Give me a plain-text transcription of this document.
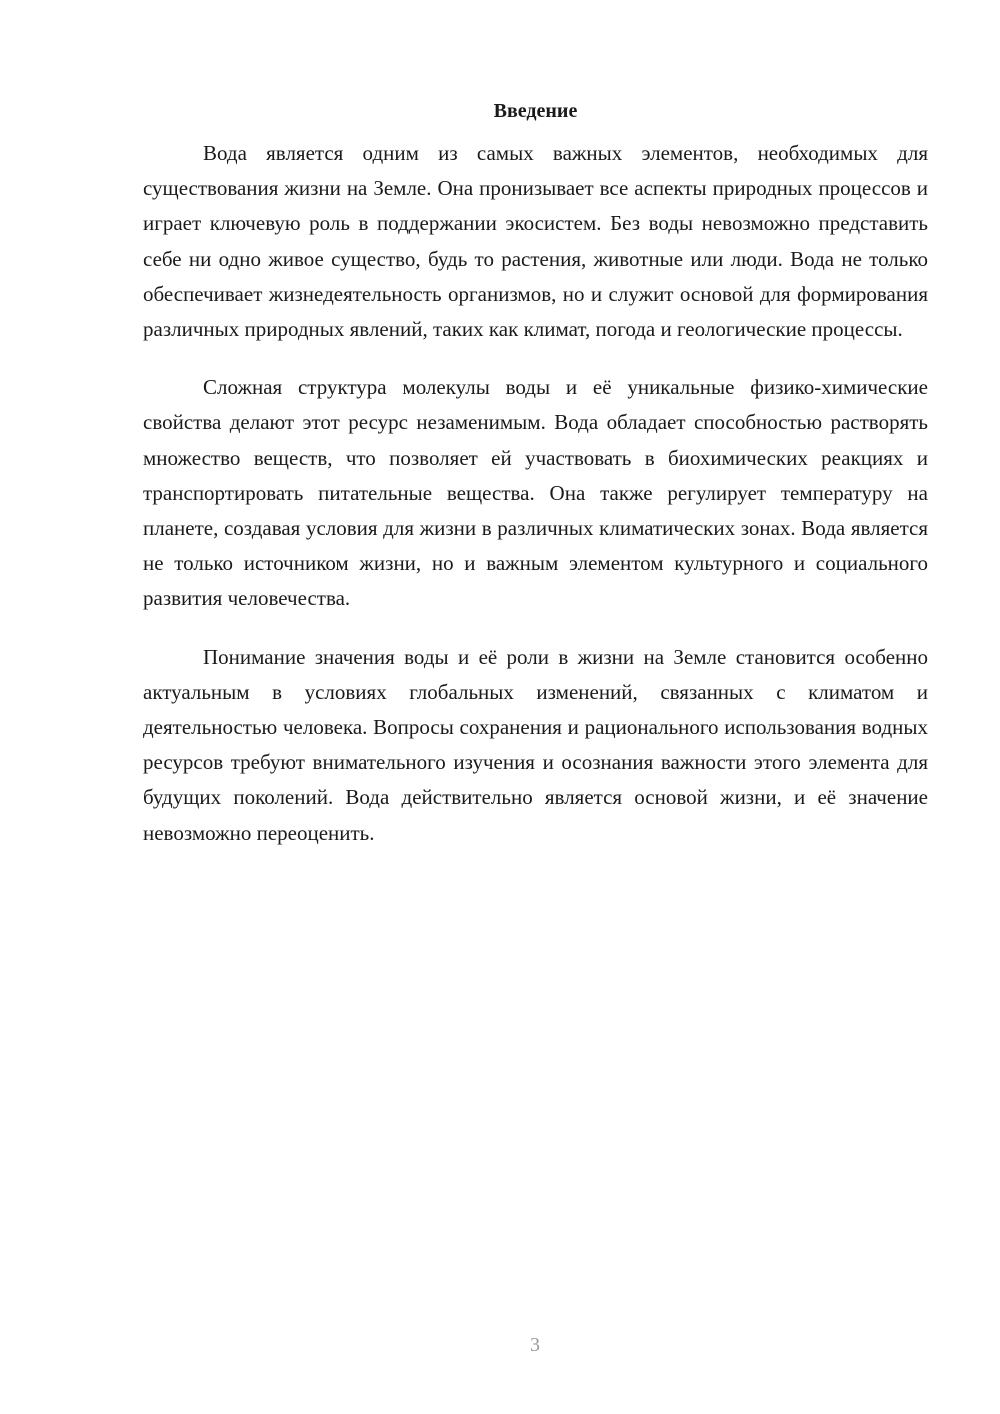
Введение

Вода является одним из самых важных элементов, необходимых для существования жизни на Земле. Она пронизывает все аспекты природных процессов и играет ключевую роль в поддержании экосистем. Без воды невозможно представить себе ни одно живое существо, будь то растения, животные или люди. Вода не только обеспечивает жизнедеятельность организмов, но и служит основой для формирования различных природных явлений, таких как климат, погода и геологические процессы.

Сложная структура молекулы воды и её уникальные физико-химические свойства делают этот ресурс незаменимым. Вода обладает способностью растворять множество веществ, что позволяет ей участвовать в биохимических реакциях и транспортировать питательные вещества. Она также регулирует температуру на планете, создавая условия для жизни в различных климатических зонах. Вода является не только источником жизни, но и важным элементом культурного и социального развития человечества.

Понимание значения воды и её роли в жизни на Земле становится особенно актуальным в условиях глобальных изменений, связанных с климатом и деятельностью человека. Вопросы сохранения и рационального использования водных ресурсов требуют внимательного изучения и осознания важности этого элемента для будущих поколений. Вода действительно является основой жизни, и её значение невозможно переоценить.

3
